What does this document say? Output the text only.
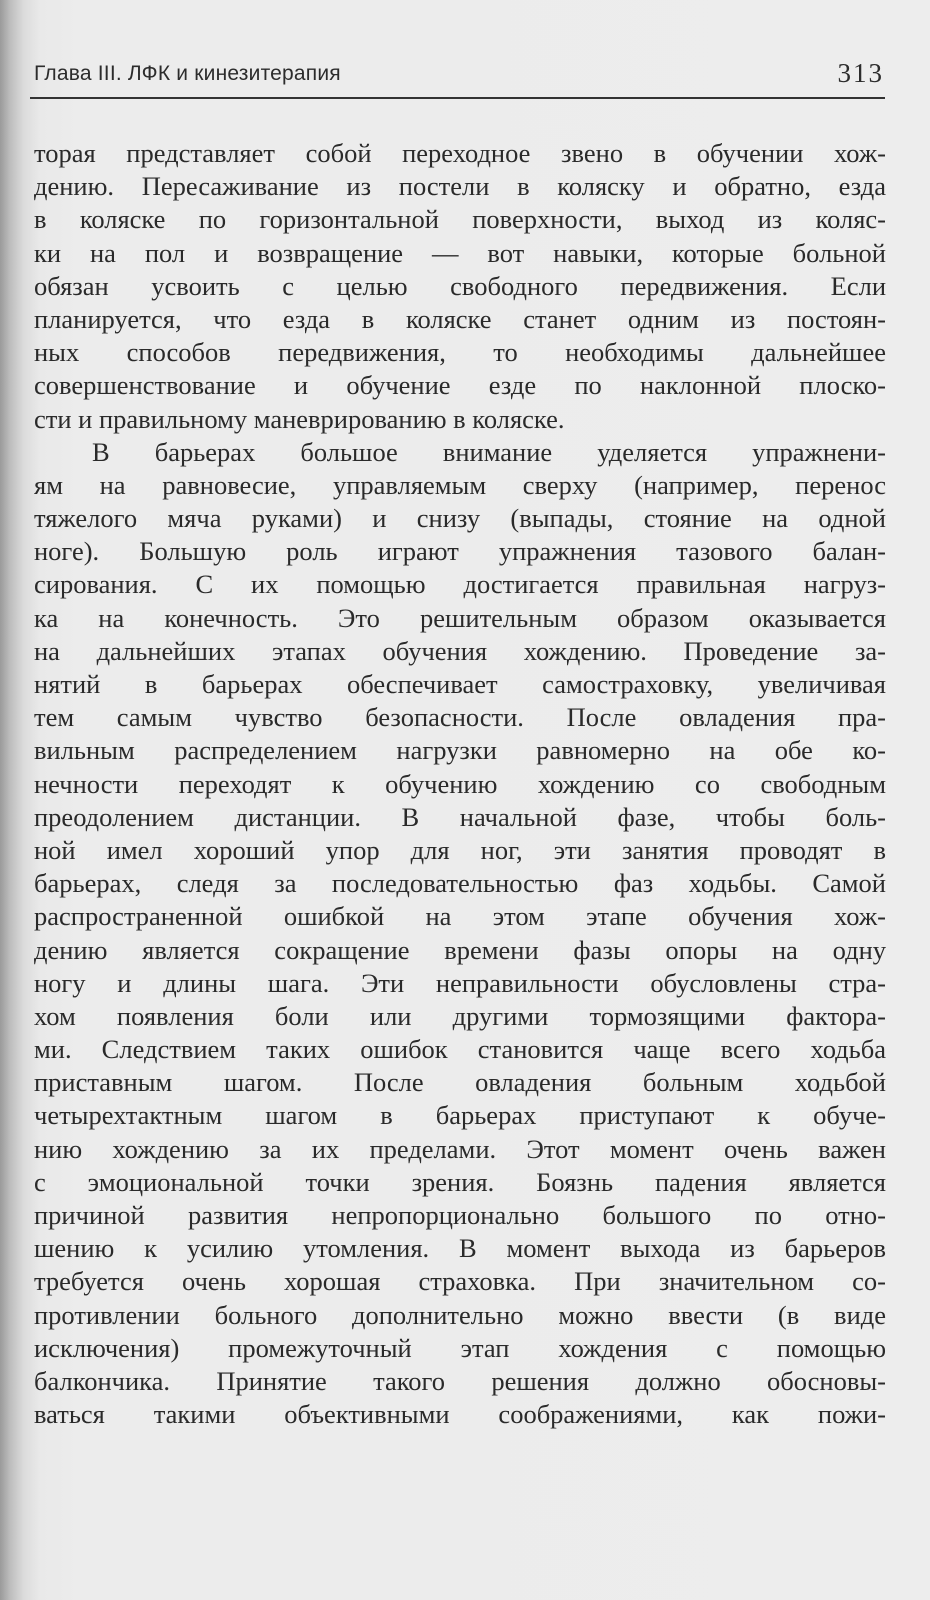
Глава III. ЛФК и кинезитерапия	313
торая представляет собой переходное звено в обучении хож-
дению. Пересаживание из постели в коляску и обратно, езда
в коляске по горизонтальной поверхности, выход из коляс-
ки на пол и возвращение — вот навыки, которые больной
обязан усвоить с целью свободного передвижения. Если
планируется, что езда в коляске станет одним из постоян-
ных способов передвижения, то необходимы дальнейшее
совершенствование и обучение езде по наклонной плоско-
сти и правильному маневрированию в коляске.
В барьерах большое внимание уделяется упражнени-
ям на равновесие, управляемым сверху (например, перенос
тяжелого мяча руками) и снизу (выпады, стояние на одной
ноге). Большую роль играют упражнения тазового балан-
сирования. С их помощью достигается правильная нагруз-
ка на конечность. Это решительным образом оказывается
на дальнейших этапах обучения хождению. Проведение за-
нятий в барьерах обеспечивает самостраховку, увеличивая
тем самым чувство безопасности. После овладения пра-
вильным распределением нагрузки равномерно на обе ко-
нечности переходят к обучению хождению со свободным
преодолением дистанции. В начальной фазе, чтобы боль-
ной имел хороший упор для ног, эти занятия проводят в
барьерах, следя за последовательностью фаз ходьбы. Самой
распространенной ошибкой на этом этапе обучения хож-
дению является сокращение времени фазы опоры на одну
ногу и длины шага. Эти неправильности обусловлены стра-
хом появления боли или другими тормозящими фактора-
ми. Следствием таких ошибок становится чаще всего ходьба
приставным шагом. После овладения больным ходьбой
четырехтактным шагом в барьерах приступают к обуче-
нию хождению за их пределами. Этот момент очень важен
с эмоциональной точки зрения. Боязнь падения является
причиной развития непропорционально большого по отно-
шению к усилию утомления. В момент выхода из барьеров
требуется очень хорошая страховка. При значительном со-
противлении больного дополнительно можно ввести (в виде
исключения) промежуточный этап хождения с помощью
балкончика. Принятие такого решения должно обосновы-
ваться такими объективными соображениями, как пожи-
